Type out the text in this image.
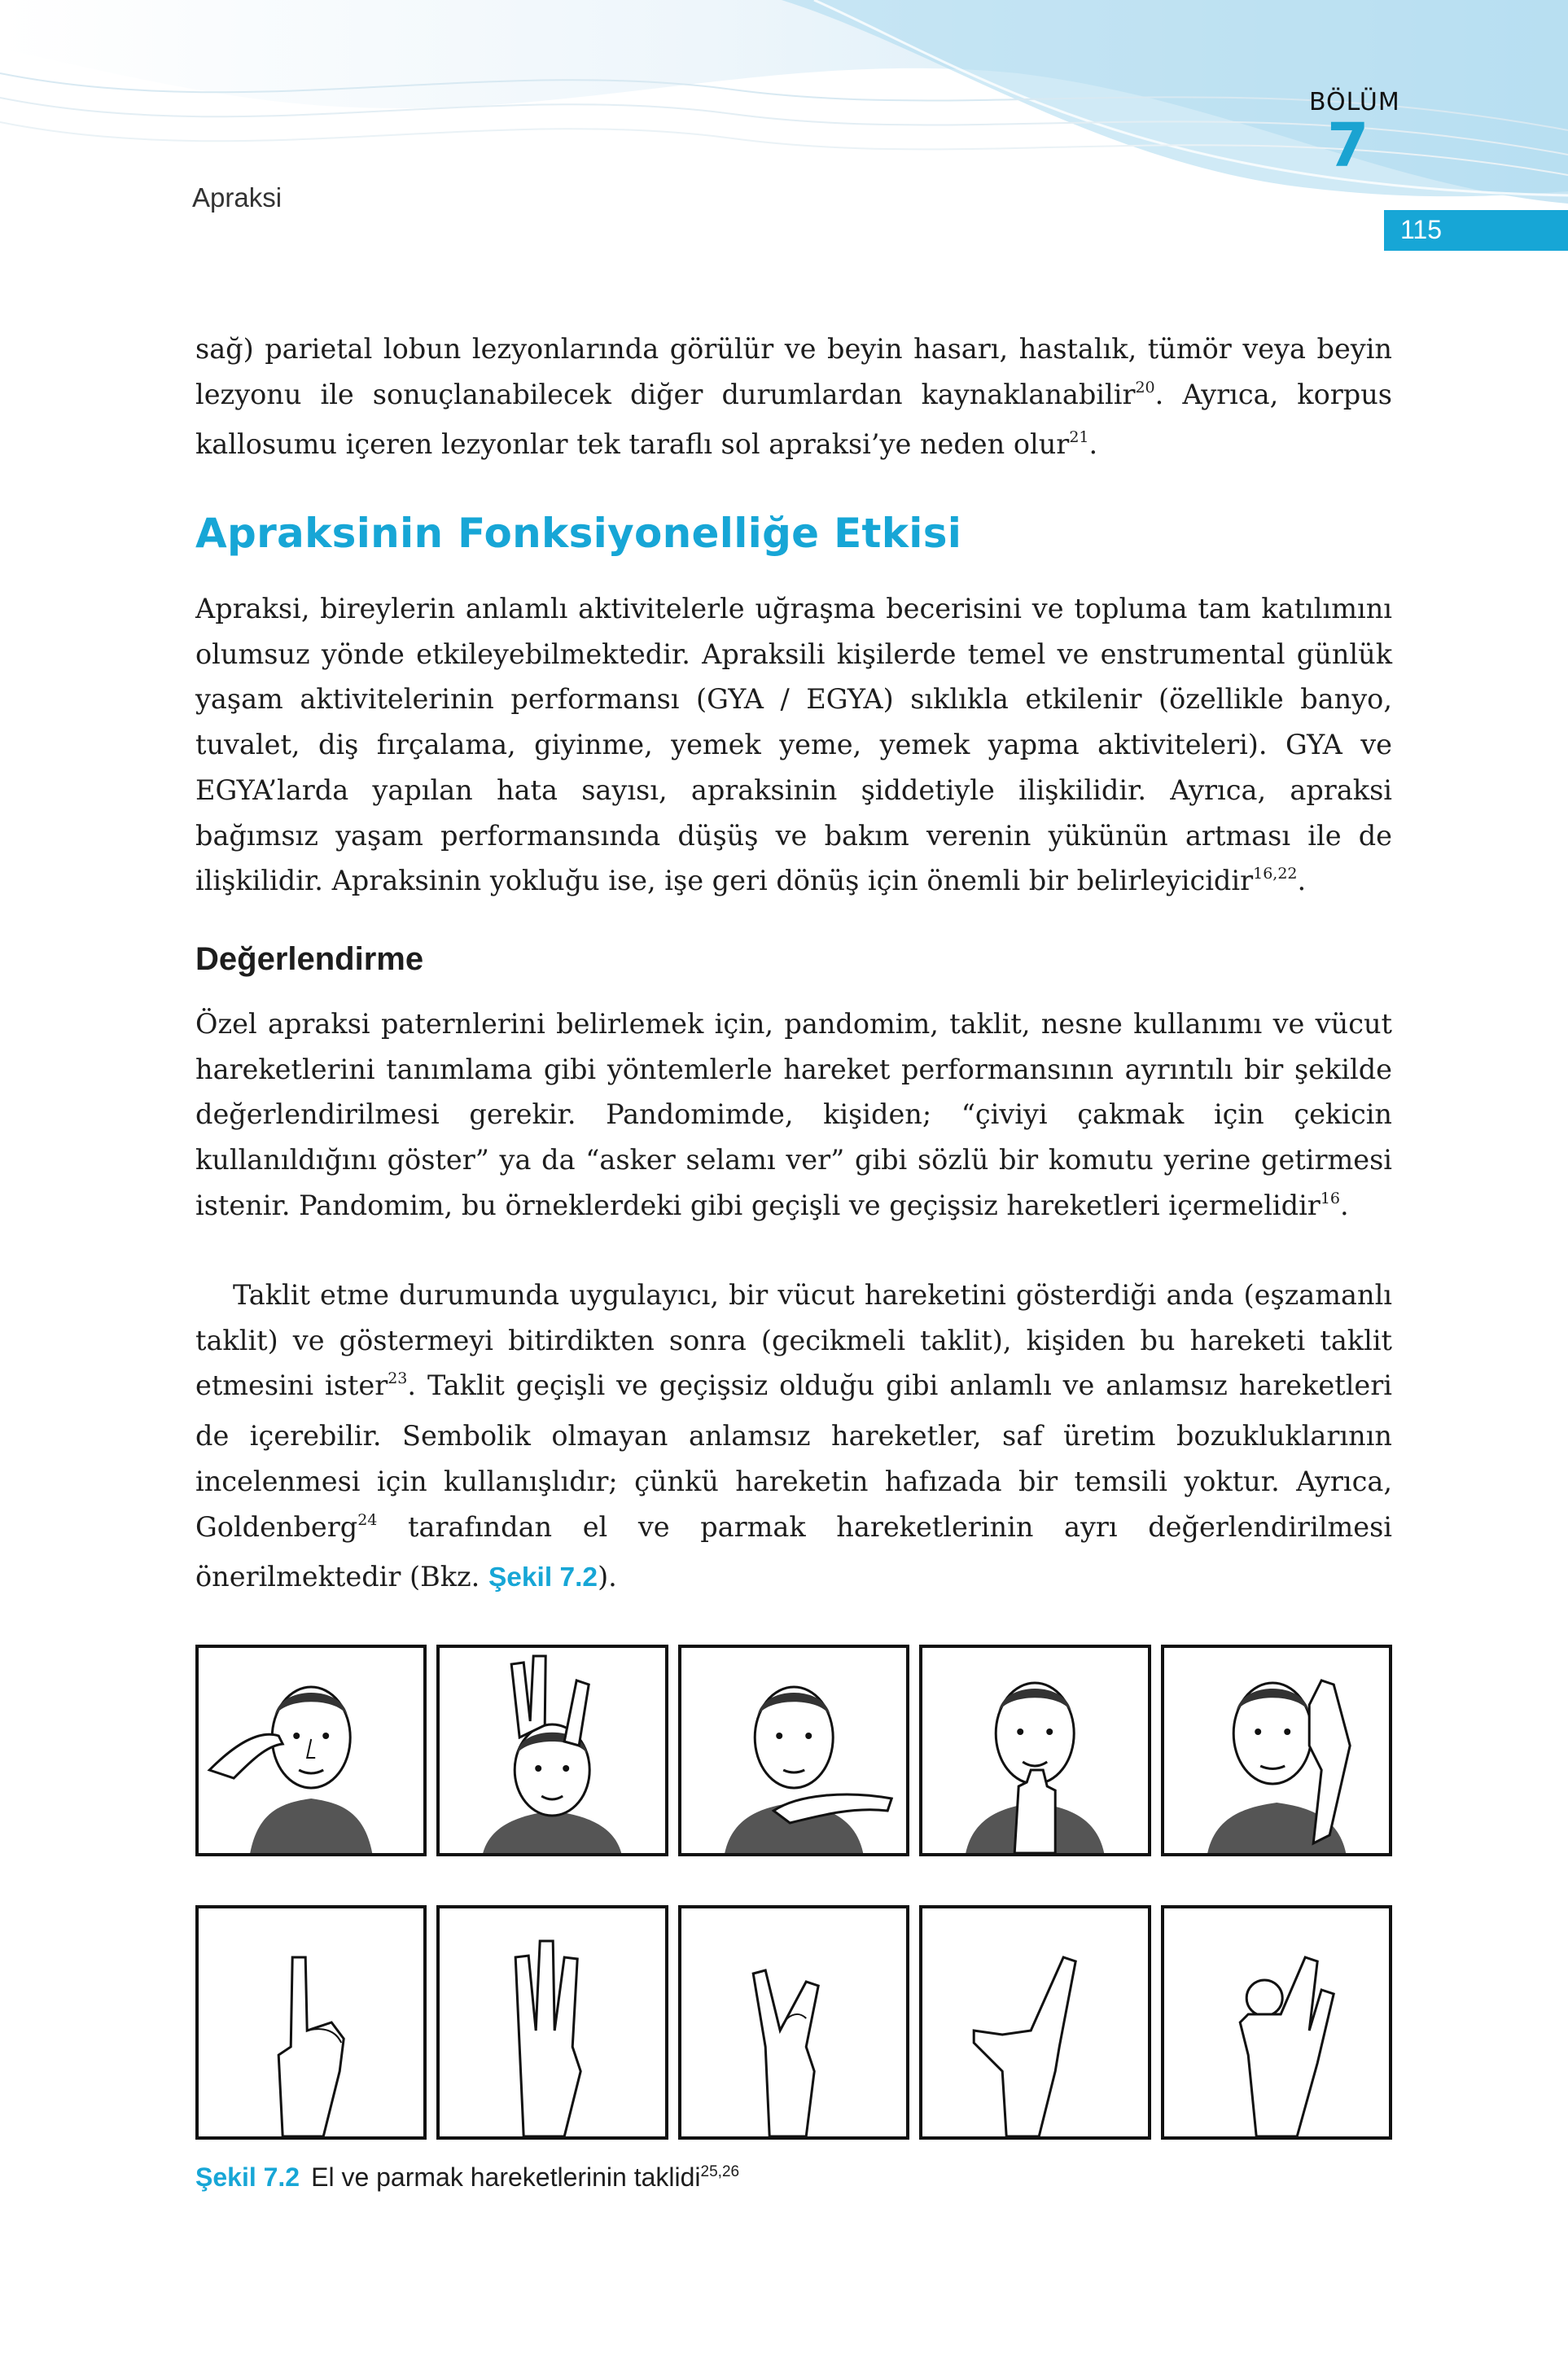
Apraksi
BÖLÜM
7
115

sağ) parietal lobun lezyonlarında görülür ve beyin hasarı, hastalık, tümör veya beyin lezyonu ile sonuçlanabilecek diğer durumlardan kaynaklanabilir$^{20}$. Ayrıca, korpus kallosumu içeren lezyonlar tek taraflı sol apraksi’ye neden olur$^{21}$.

Apraksinin Fonksiyonelliğe Etkisi

Apraksi, bireylerin anlamlı aktivitelerle uğraşma becerisini ve topluma tam katılımını olumsuz yönde etkileyebilmektedir. Apraksili kişilerde temel ve enstrumental günlük yaşam aktivitelerinin performansı (GYA / EGYA) sıklıkla etkilenir (özellikle banyo, tuvalet, diş fırçalama, giyinme, yemek yeme, yemek yapma aktiviteleri). GYA ve EGYA’larda yapılan hata sayısı, apraksinin şiddetiyle ilişkilidir. Ayrıca, apraksi bağımsız yaşam performansında düşüş ve bakım verenin yükünün artması ile de ilişkilidir. Apraksinin yokluğu ise, işe geri dönüş için önemli bir belirleyicidir$^{16,22}$.

Değerlendirme

Özel apraksi paternlerini belirlemek için, pandomim, taklit, nesne kullanımı ve vücut hareketlerini tanımlama gibi yöntemlerle hareket performansının ayrıntılı bir şekilde değerlendirilmesi gerekir. Pandomimde, kişiden; “çiviyi çakmak için çekicin kullanıldığını göster” ya da “asker selamı ver” gibi sözlü bir komutu yerine getirmesi istenir. Pandomim, bu örneklerdeki gibi geçişli ve geçişsiz hareketleri içermelidir$^{16}$.

Taklit etme durumunda uygulayıcı, bir vücut hareketini gösterdiği anda (eşzamanlı taklit) ve göstermeyi bitirdikten sonra (gecikmeli taklit), kişiden bu hareketi taklit etmesini ister$^{23}$. Taklit geçişli ve geçişsiz olduğu gibi anlamlı ve anlamsız hareketleri de içerebilir. Sembolik olmayan anlamsız hareketler, saf üretim bozukluklarının incelenmesi için kullanışlıdır; çünkü hareketin hafızada bir temsili yoktur. Ayrıca, Goldenberg$^{24}$ tarafından el ve parmak hareketlerinin ayrı değerlendirilmesi önerilmektedir (Bkz. Şekil 7.2).

Şekil 7.2 El ve parmak hareketlerinin taklidi$^{25,26}$
